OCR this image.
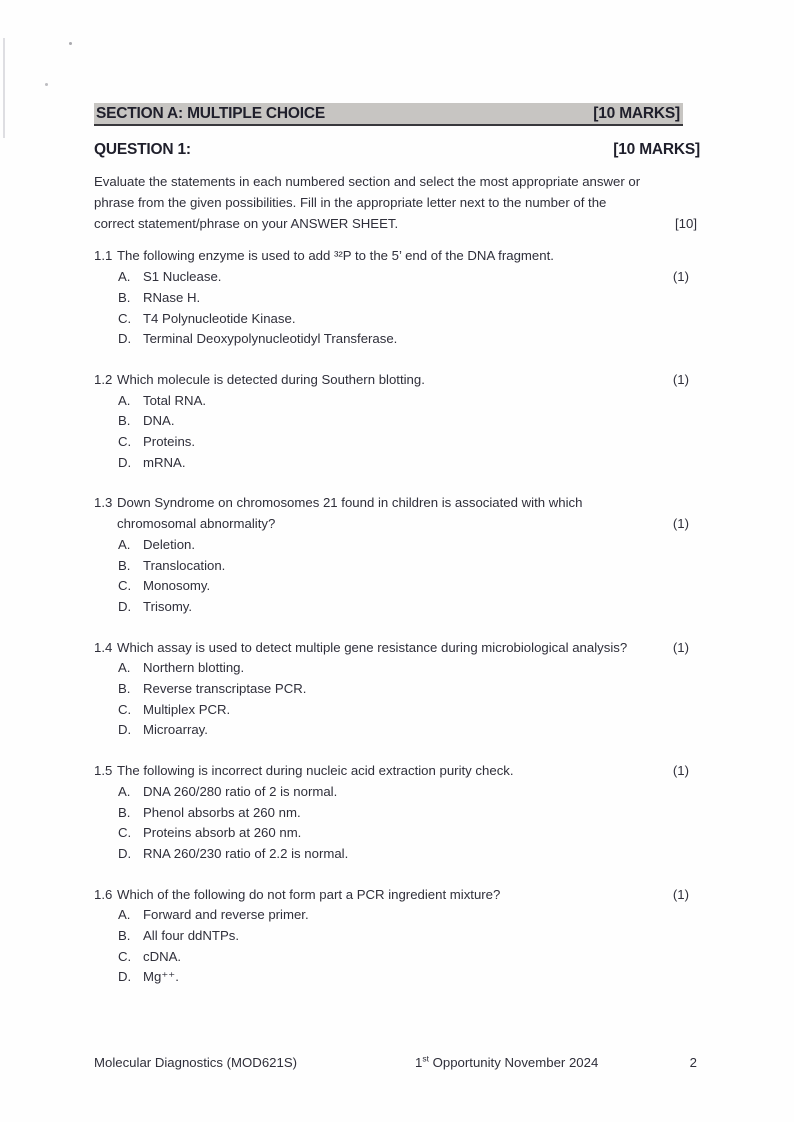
SECTION A: MULTIPLE CHOICE	[10 MARKS]
QUESTION 1:	[10 MARKS]
Evaluate the statements in each numbered section and select the most appropriate answer or
phrase from the given possibilities. Fill in the appropriate letter next to the number of the
correct statement/phrase on your ANSWER SHEET.	[10]
1.1 The following enzyme is used to add ³²P to the 5’ end of the DNA fragment.
A. S1 Nuclease.	(1)
B. RNase H.
C. T4 Polynucleotide Kinase.
D. Terminal Deoxypolynucleotidyl Transferase.
1.2 Which molecule is detected during Southern blotting.	(1)
A. Total RNA.
B. DNA.
C. Proteins.
D. mRNA.
1.3 Down Syndrome on chromosomes 21 found in children is associated with which
chromosomal abnormality?	(1)
A. Deletion.
B. Translocation.
C. Monosomy.
D. Trisomy.
1.4 Which assay is used to detect multiple gene resistance during microbiological analysis?	(1)
A. Northern blotting.
B. Reverse transcriptase PCR.
C. Multiplex PCR.
D. Microarray.
1.5 The following is incorrect during nucleic acid extraction purity check.	(1)
A. DNA 260/280 ratio of 2 is normal.
B. Phenol absorbs at 260 nm.
C. Proteins absorb at 260 nm.
D. RNA 260/230 ratio of 2.2 is normal.
1.6 Which of the following do not form part a PCR ingredient mixture?	(1)
A. Forward and reverse primer.
B. All four ddNTPs.
C. cDNA.
D. Mg⁺⁺.
Molecular Diagnostics (MOD621S)	1st Opportunity November 2024	2
